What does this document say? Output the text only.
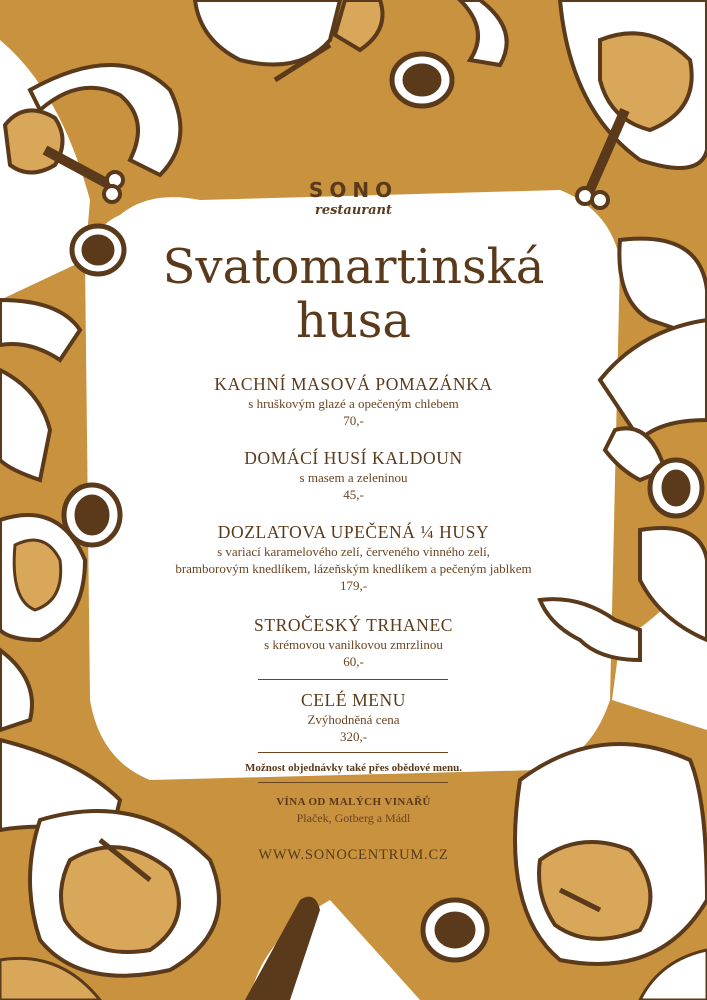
SONO
restaurant
Svatomartinská
husa
KACHNÍ MASOVÁ POMAZÁNKA
s hruškovým glazé a opečeným chlebem
70,-
DOMÁCÍ HUSÍ KALDOUN
s masem a zeleninou
45,-
DOZLATOVA UPEČENÁ ¼ HUSY
s variací karamelového zelí, červeného vinného zelí,
bramborovým knedlíkem, lázeňským knedlíkem a pečeným jablkem
179,-
STROČESKÝ TRHANEC
s krémovou vanilkovou zmrzlinou
60,-
CELÉ MENU
Zvýhodněná cena
320,-
Možnost objednávky také přes obědové menu.
VÍNA OD MALÝCH VINAŘŮ
Plaček, Gotberg a Mádl
WWW.SONOCENTRUM.CZ
